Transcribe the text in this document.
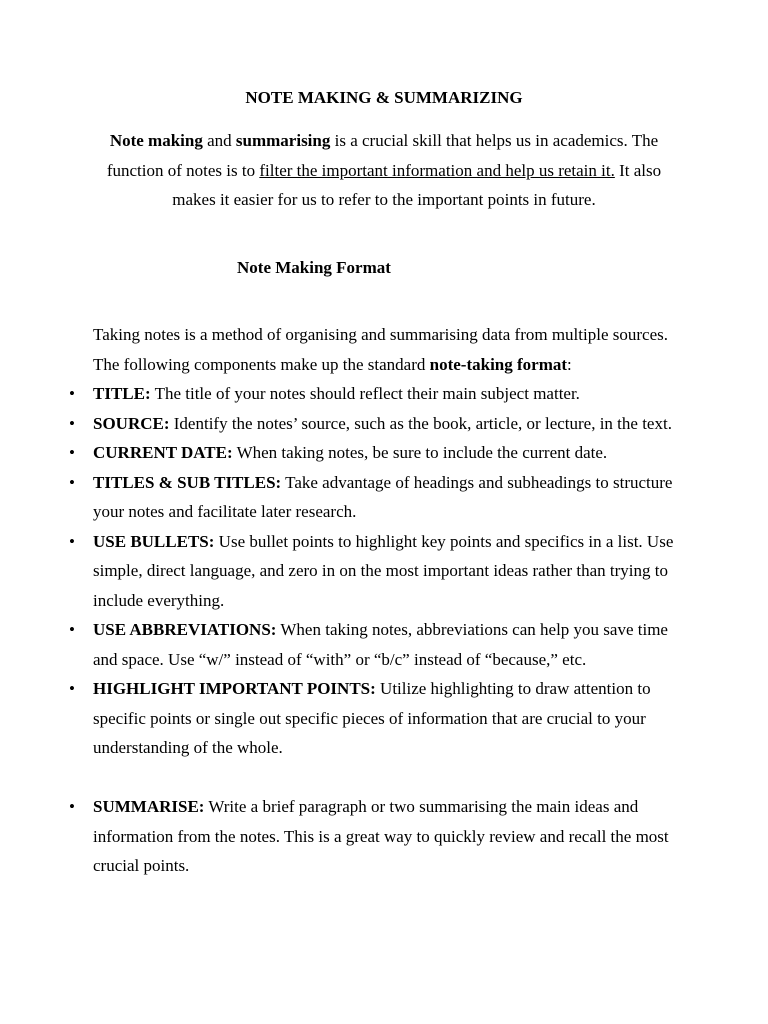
NOTE MAKING & SUMMARIZING
Note making and summarising is a crucial skill that helps us in academics. The function of notes is to filter the important information and help us retain it. It also makes it easier for us to refer to the important points in future.
Note Making Format
Taking notes is a method of organising and summarising data from multiple sources. The following components make up the standard note-taking format:
• TITLE: The title of your notes should reflect their main subject matter.
• SOURCE: Identify the notes’ source, such as the book, article, or lecture, in the text.
• CURRENT DATE: When taking notes, be sure to include the current date.
• TITLES & SUB TITLES: Take advantage of headings and subheadings to structure your notes and facilitate later research.
• USE BULLETS: Use bullet points to highlight key points and specifics in a list. Use simple, direct language, and zero in on the most important ideas rather than trying to include everything.
• USE ABBREVIATIONS: When taking notes, abbreviations can help you save time and space. Use “w/” instead of “with” or “b/c” instead of “because,” etc.
• HIGHLIGHT IMPORTANT POINTS: Utilize highlighting to draw attention to specific points or single out specific pieces of information that are crucial to your understanding of the whole.
• SUMMARISE: Write a brief paragraph or two summarising the main ideas and information from the notes. This is a great way to quickly review and recall the most crucial points.
